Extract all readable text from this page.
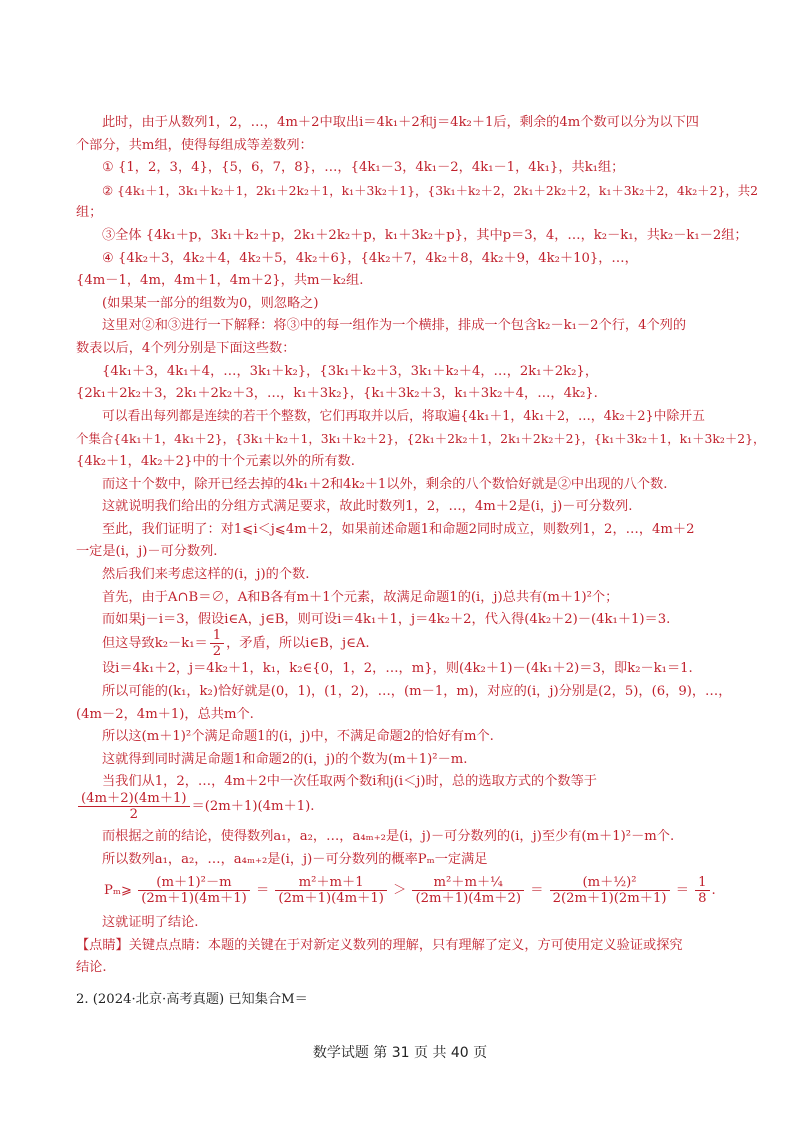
此时，由于从数列1，2，…，4m＋2中取出i＝4k₁＋2和j＝4k₂＋1后，剩余的4m个数可以分为以下四
个部分，共m组，使得每组成等差数列：
① {1，2，3，4}，{5，6，7，8}，…，{4k₁－3，4k₁－2，4k₁－1，4k₁}，共k₁组；
② {4k₁＋1，3k₁＋k₂＋1，2k₁＋2k₂＋1，k₁＋3k₂＋1}，{3k₁＋k₂＋2，2k₁＋2k₂＋2，k₁＋3k₂＋2，4k₂＋2}，共2
组；
③全体 {4k₁＋p，3k₁＋k₂＋p，2k₁＋2k₂＋p，k₁＋3k₂＋p}，其中p＝3，4，…，k₂－k₁，共k₂－k₁－2组；
④ {4k₂＋3，4k₂＋4，4k₂＋5，4k₂＋6}，{4k₂＋7，4k₂＋8，4k₂＋9，4k₂＋10}，…，
{4m－1，4m，4m＋1，4m＋2}，共m－k₂组.
(如果某一部分的组数为0，则忽略之)
这里对②和③进行一下解释：将③中的每一组作为一个横排，排成一个包含k₂－k₁－2个行，4个列的
数表以后，4个列分别是下面这些数：
{4k₁＋3，4k₁＋4，…，3k₁＋k₂}，{3k₁＋k₂＋3，3k₁＋k₂＋4，…，2k₁＋2k₂}，
{2k₁＋2k₂＋3，2k₁＋2k₂＋3，…，k₁＋3k₂}，{k₁＋3k₂＋3，k₁＋3k₂＋4，…，4k₂}.
可以看出每列都是连续的若干个整数，它们再取并以后，将取遍{4k₁＋1，4k₁＋2，…，4k₂＋2}中除开五
个集合{4k₁＋1，4k₁＋2}，{3k₁＋k₂＋1，3k₁＋k₂＋2}，{2k₁＋2k₂＋1，2k₁＋2k₂＋2}，{k₁＋3k₂＋1，k₁＋3k₂＋2}，
{4k₂＋1，4k₂＋2}中的十个元素以外的所有数.
而这十个数中，除开已经去掉的4k₁＋2和4k₂＋1以外，剩余的八个数恰好就是②中出现的八个数.
这就说明我们给出的分组方式满足要求，故此时数列1，2，…，4m＋2是(i，j)－可分数列.
至此，我们证明了：对1⩽i＜j⩽4m＋2，如果前述命题1和命题2同时成立，则数列1，2，…，4m＋2
一定是(i，j)－可分数列.
然后我们来考虑这样的(i，j)的个数.
首先，由于A∩B＝∅，A和B各有m＋1个元素，故满足命题1的(i，j)总共有(m＋1)²个；
而如果j－i＝3，假设i∈A，j∈B，则可设i＝4k₁＋1，j＝4k₂＋2，代入得(4k₂＋2)－(4k₁＋1)＝3.
但这导致$k_2-k_1= \frac{1}{2}$ ，矛盾，所以i∈B，j∈A.
设i＝4k₁＋2，j＝4k₂＋1，k₁，k₂∈{0，1，2，…，m}，则(4k₂＋1)－(4k₁＋2)＝3，即k₂－k₁＝1.
所以可能的(k₁，k₂)恰好就是(0，1)，(1，2)，…，(m－1，m)，对应的(i，j)分别是(2，5)，(6，9)，…，
(4m－2，4m＋1)，总共m个.
所以这(m＋1)²个满足命题1的(i，j)中，不满足命题2的恰好有m个.
这就得到同时满足命题1和命题2的(i，j)的个数为(m＋1)²－m.
当我们从1，2，…，4m＋2中一次任取两个数i和j(i＜j)时，总的选取方式的个数等于
$\frac{(4m+2)(4m+1)}{2} =(2m+1)(4m+1)$.
而根据之前的结论，使得数列a₁，a₂，…，a₄ₘ₊₂是(i，j)－可分数列的(i，j)至少有(m＋1)²－m个.
所以数列a₁，a₂，…，a₄ₘ₊₂是(i，j)－可分数列的概率Pₘ一定满足
Pₘ⩾ $\frac{\text{(m＋1)²－m}}{(2m+1)(4m+1)} = \frac{\text{m²＋m＋1}}{(2m+1)(4m+1)} > \frac{\text{m²＋m＋¼}}{(2m+1)(4m+2)} = \frac{\text{(m＋½)²}}{2(2m+1)(2m+1)} = \frac{1}{8}$ .
这就证明了结论.
【点睛】关键点点睛：本题的关键在于对新定义数列的理解，只有理解了定义，方可使用定义验证或探究
结论.
2. (2024·北京·高考真题) 已知集合M＝
数学试题 第 31 页 共 40 页
